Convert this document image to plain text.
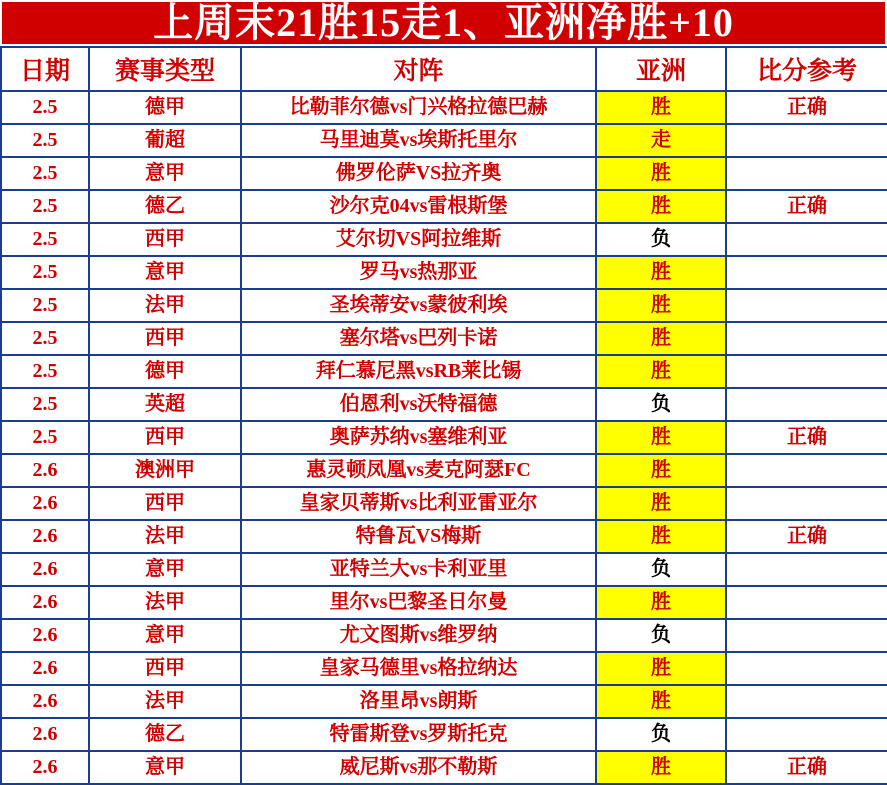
上周末21胜15走1、亚洲净胜+10
日期	赛事类型	对阵	亚洲	比分参考
2.5	德甲	比勒菲尔德vs门兴格拉德巴赫	胜	正确
2.5	葡超	马里迪莫vs埃斯托里尔	走	
2.5	意甲	佛罗伦萨VS拉齐奥	胜	
2.5	德乙	沙尔克04vs雷根斯堡	胜	正确
2.5	西甲	艾尔切VS阿拉维斯	负	
2.5	意甲	罗马vs热那亚	胜	
2.5	法甲	圣埃蒂安vs蒙彼利埃	胜	
2.5	西甲	塞尔塔vs巴列卡诺	胜	
2.5	德甲	拜仁慕尼黑vsRB莱比锡	胜	
2.5	英超	伯恩利vs沃特福德	负	
2.5	西甲	奥萨苏纳vs塞维利亚	胜	正确
2.6	澳洲甲	惠灵顿凤凰vs麦克阿瑟FC	胜	
2.6	西甲	皇家贝蒂斯vs比利亚雷亚尔	胜	
2.6	法甲	特鲁瓦VS梅斯	胜	正确
2.6	意甲	亚特兰大vs卡利亚里	负	
2.6	法甲	里尔vs巴黎圣日尔曼	胜	
2.6	意甲	尤文图斯vs维罗纳	负	
2.6	西甲	皇家马德里vs格拉纳达	胜	
2.6	法甲	洛里昂vs朗斯	胜	
2.6	德乙	特雷斯登vs罗斯托克	负	
2.6	意甲	威尼斯vs那不勒斯	胜	正确
